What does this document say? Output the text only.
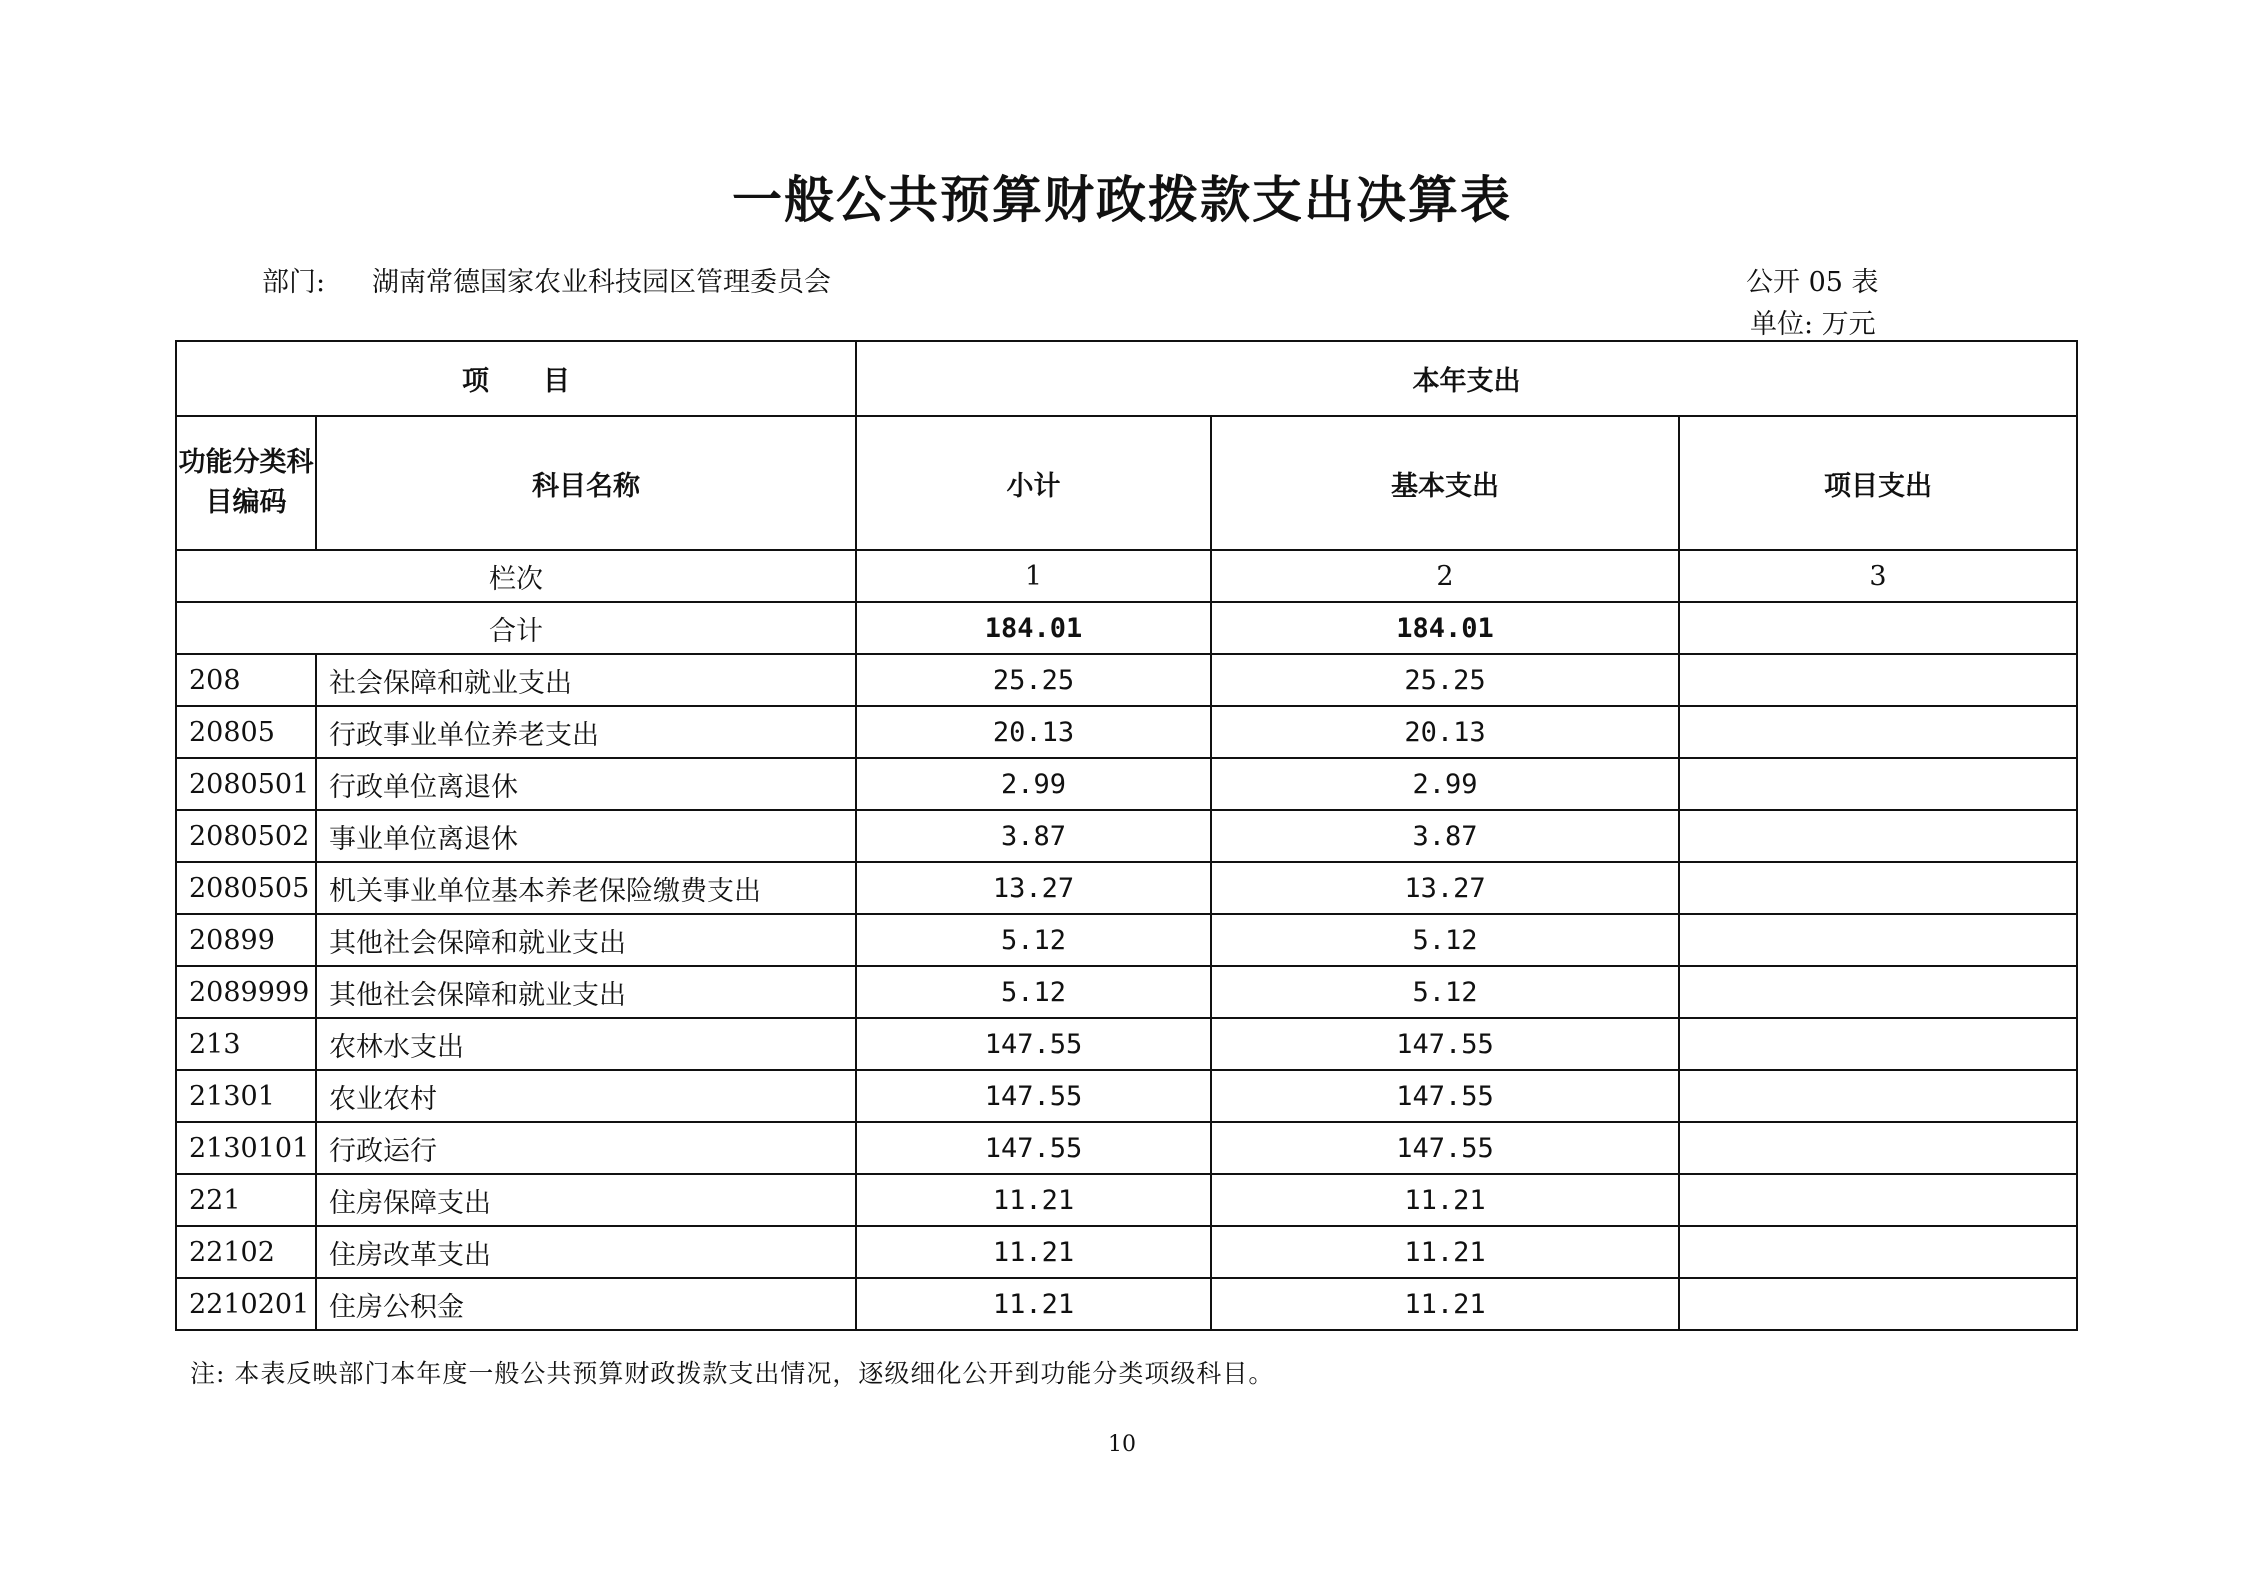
一般公共预算财政拨款支出决算表
部门: 湖南常德国家农业科技园区管理委员会	公开 05 表
单位: 万元
项　　目		本年支出		
功能分类科目编码	科目名称	小计	基本支出	项目支出
栏次		1	2	3
合计		184.01	184.01	
208	社会保障和就业支出	25.25	25.25	
20805	行政事业单位养老支出	20.13	20.13	
2080501	行政单位离退休	2.99	2.99	
2080502	事业单位离退休	3.87	3.87	
2080505	机关事业单位基本养老保险缴费支出	13.27	13.27	
20899	其他社会保障和就业支出	5.12	5.12	
2089999	其他社会保障和就业支出	5.12	5.12	
213	农林水支出	147.55	147.55	
21301	农业农村	147.55	147.55	
2130101	行政运行	147.55	147.55	
221	住房保障支出	11.21	11.21	
22102	住房改革支出	11.21	11.21	
2210201	住房公积金	11.21	11.21	
注: 本表反映部门本年度一般公共预算财政拨款支出情况，逐级细化公开到功能分类项级科目。
10
